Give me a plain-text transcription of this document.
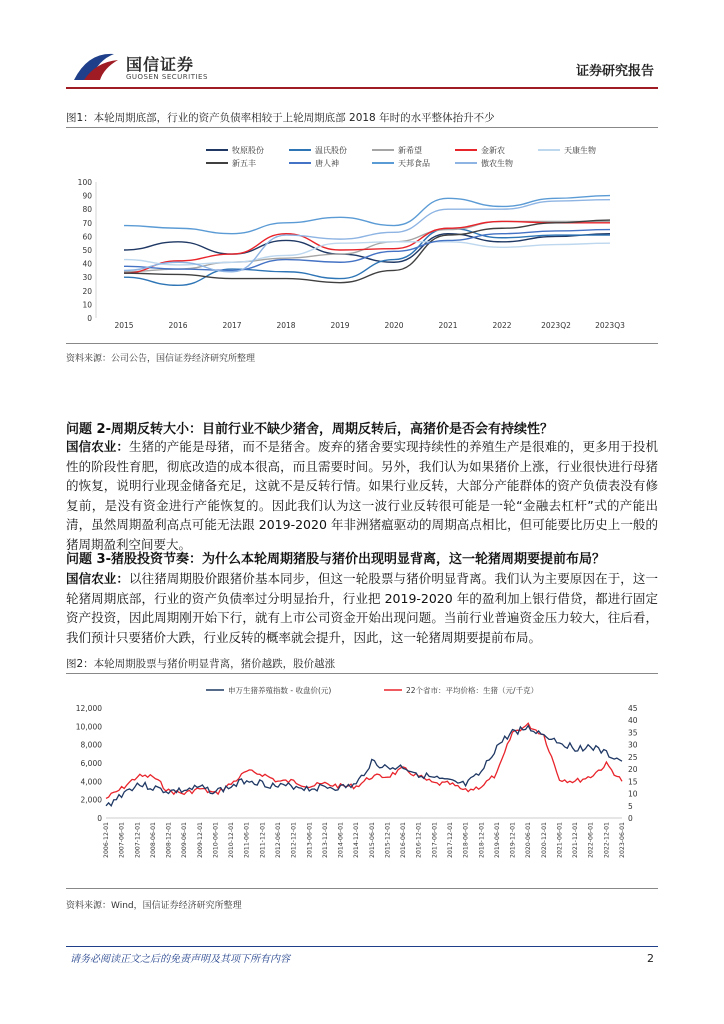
国信证券
GUOSEN SECURITIES	证券研究报告
图1：本轮周期底部，行业的资产负债率相较于上轮周期底部 2018 年时的水平整体抬升不少
牧原股份	温氏股份	新希望	金新农	天康生物
新五丰	唐人神	天邦食品	傲农生物
0
10
20
30
40
50
60
70
80
90
100
2015	2016	2017	2018	2019	2020	2021	2022	2023Q2	2023Q3
资料来源：公司公告，国信证券经济研究所整理
问题 2-周期反转大小：目前行业不缺少猪舍，周期反转后，高猪价是否会有持续性？
国信农业：生猪的产能是母猪，而不是猪舍。废弃的猪舍要实现持续性的养殖生产是很难的，更多用于投机性的阶段性育肥，彻底改造的成本很高，而且需要时间。另外，我们认为如果猪价上涨，行业很快进行母猪的恢复，说明行业现金储备充足，这就不是反转行情。如果行业反转，大部分产能群体的资产负债表没有修复前，是没有资金进行产能恢复的。因此我们认为这一波行业反转很可能是一轮“金融去杠杆”式的产能出清，虽然周期盈利高点可能无法跟 2019-2020 年非洲猪瘟驱动的周期高点相比，但可能要比历史上一般的猪周期盈利空间要大。
问题 3-猪股投资节奏：为什么本轮周期猪股与猪价出现明显背离，这一轮猪周期要提前布局？
国信农业：以往猪周期股价跟猪价基本同步，但这一轮股票与猪价明显背离。我们认为主要原因在于，这一轮猪周期底部，行业的资产负债率过分明显抬升，行业把 2019-2020 年的盈利加上银行借贷，都进行固定资产投资，因此周期刚开始下行，就有上市公司资金开始出现问题。当前行业普遍资金压力较大，往后看，我们预计只要猪价大跌，行业反转的概率就会提升，因此，这一轮猪周期要提前布局。
图2：本轮周期股票与猪价明显背离，猪价越跌，股价越涨
申万生猪养殖指数 - 收盘价(元)	22个省市：平均价格：生猪（元/千克）
0
2,000
4,000
6,000
8,000
10,000
12,000
0
5
10
15
20
25
30
35
40
45
2006-12-01 2007-06-01 2007-12-01 2008-06-01 2008-12-01 2009-06-01 2009-12-01 2010-06-01 2010-12-01 2011-06-01 2011-12-01 2012-06-01 2012-12-01 2013-06-01 2013-12-01 2014-06-01 2014-12-01 2015-06-01 2015-12-01 2016-06-01 2016-12-01 2017-06-01 2017-12-01 2018-06-01 2018-12-01 2019-06-01 2019-12-01 2020-06-01 2020-12-01 2021-06-01 2021-12-01 2022-06-01 2022-12-01 2023-06-01
资料来源：Wind，国信证券经济研究所整理
请务必阅读正文之后的免责声明及其项下所有内容	2
